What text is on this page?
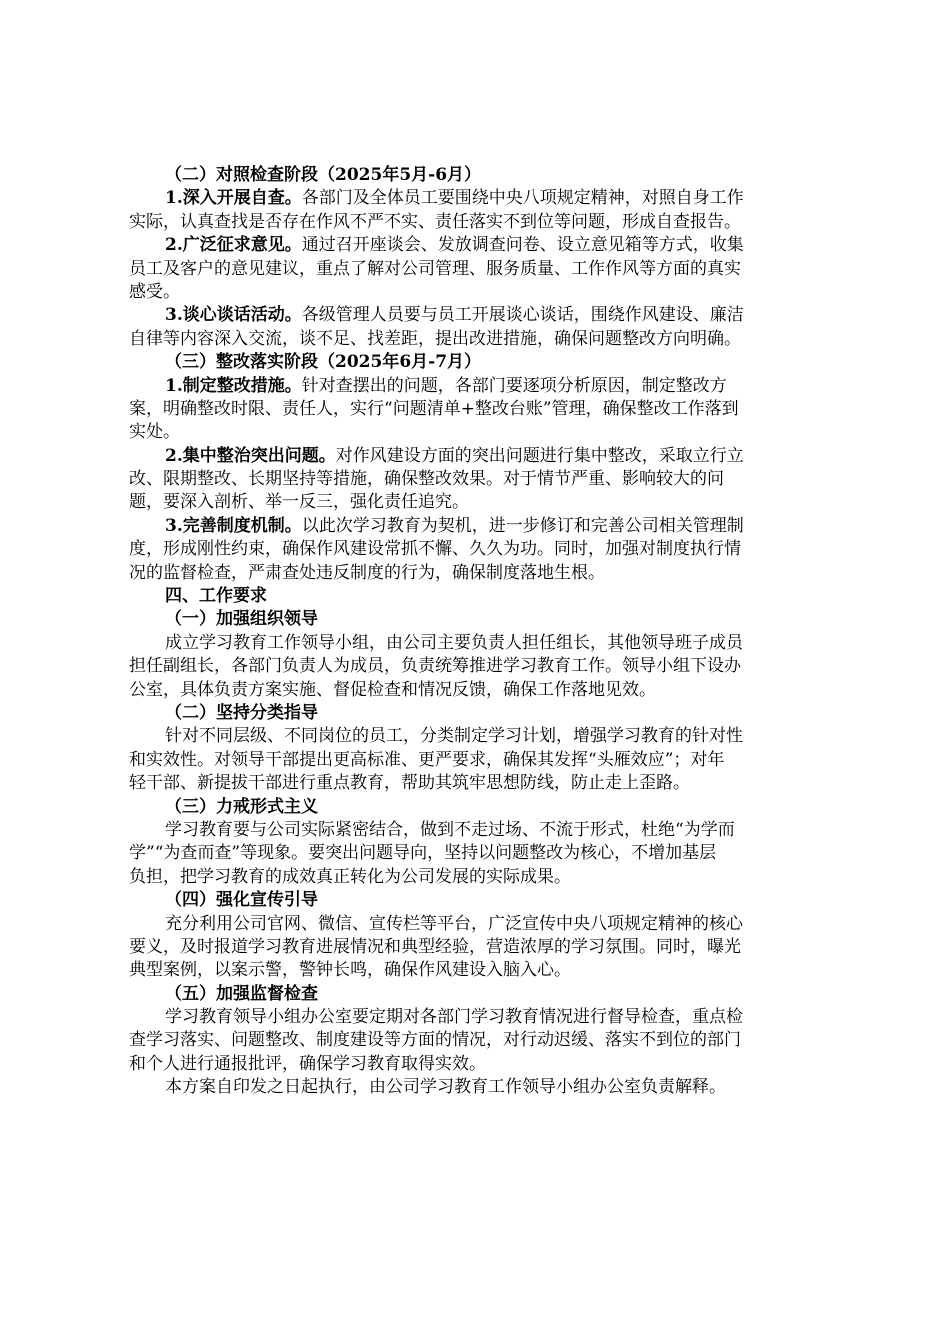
（二）对照检查阶段（2025年5月-6月）
1.深入开展自查。各部门及全体员工要围绕中央八项规定精神，对照自身工作
实际，认真查找是否存在作风不严不实、责任落实不到位等问题，形成自查报告。
2.广泛征求意见。通过召开座谈会、发放调查问卷、设立意见箱等方式，收集
员工及客户的意见建议，重点了解对公司管理、服务质量、工作作风等方面的真实
感受。
3.谈心谈话活动。各级管理人员要与员工开展谈心谈话，围绕作风建设、廉洁
自律等内容深入交流，谈不足、找差距，提出改进措施，确保问题整改方向明确。
（三）整改落实阶段（2025年6月-7月）
1.制定整改措施。针对查摆出的问题，各部门要逐项分析原因，制定整改方
案，明确整改时限、责任人，实行“问题清单+整改台账”管理，确保整改工作落到
实处。
2.集中整治突出问题。对作风建设方面的突出问题进行集中整改，采取立行立
改、限期整改、长期坚持等措施，确保整改效果。对于情节严重、影响较大的问
题，要深入剖析、举一反三，强化责任追究。
3.完善制度机制。以此次学习教育为契机，进一步修订和完善公司相关管理制
度，形成刚性约束，确保作风建设常抓不懈、久久为功。同时，加强对制度执行情
况的监督检查，严肃查处违反制度的行为，确保制度落地生根。
四、工作要求
（一）加强组织领导
成立学习教育工作领导小组，由公司主要负责人担任组长，其他领导班子成员
担任副组长，各部门负责人为成员，负责统筹推进学习教育工作。领导小组下设办
公室，具体负责方案实施、督促检查和情况反馈，确保工作落地见效。
（二）坚持分类指导
针对不同层级、不同岗位的员工，分类制定学习计划，增强学习教育的针对性
和实效性。对领导干部提出更高标准、更严要求，确保其发挥“头雁效应”；对年
轻干部、新提拔干部进行重点教育，帮助其筑牢思想防线，防止走上歪路。
（三）力戒形式主义
学习教育要与公司实际紧密结合，做到不走过场、不流于形式，杜绝“为学而
学”“为查而查”等现象。要突出问题导向，坚持以问题整改为核心，不增加基层
负担，把学习教育的成效真正转化为公司发展的实际成果。
（四）强化宣传引导
充分利用公司官网、微信、宣传栏等平台，广泛宣传中央八项规定精神的核心
要义，及时报道学习教育进展情况和典型经验，营造浓厚的学习氛围。同时，曝光
典型案例，以案示警，警钟长鸣，确保作风建设入脑入心。
（五）加强监督检查
学习教育领导小组办公室要定期对各部门学习教育情况进行督导检查，重点检
查学习落实、问题整改、制度建设等方面的情况，对行动迟缓、落实不到位的部门
和个人进行通报批评，确保学习教育取得实效。
本方案自印发之日起执行，由公司学习教育工作领导小组办公室负责解释。
